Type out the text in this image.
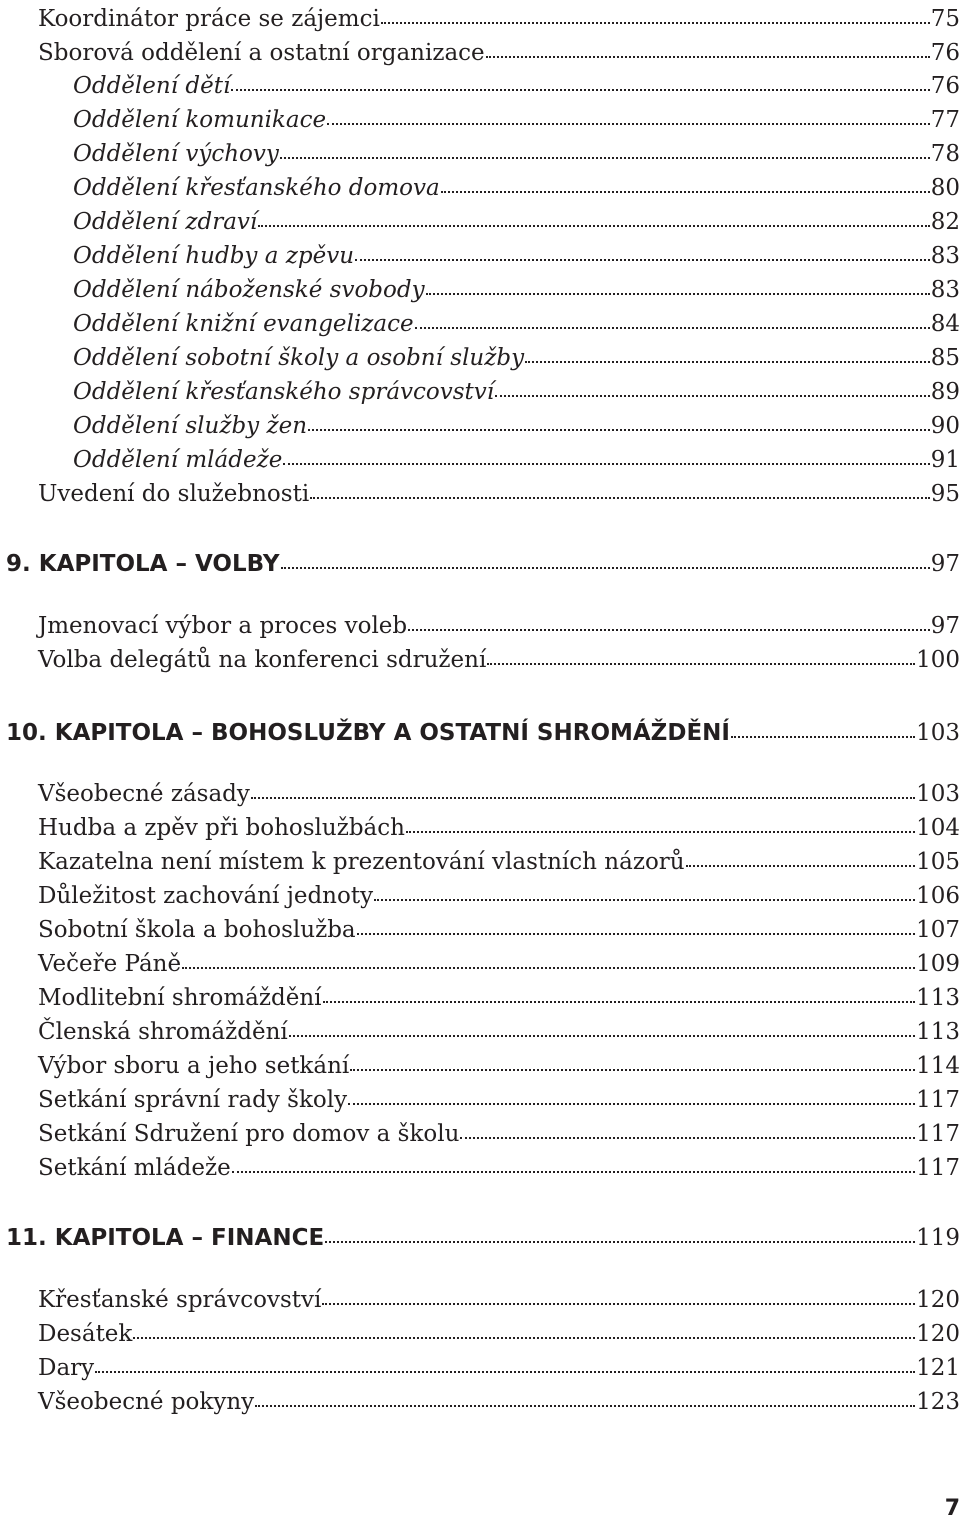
Koordinátor práce se zájemci	75
Sborová oddělení a ostatní organizace	76
Oddělení dětí	76
Oddělení komunikace	77
Oddělení výchovy	78
Oddělení křesťanského domova	80
Oddělení zdraví	82
Oddělení hudby a zpěvu	83
Oddělení náboženské svobody	83
Oddělení knižní evangelizace	84
Oddělení sobotní školy a osobní služby	85
Oddělení křesťanského správcovství	89
Oddělení služby žen	90
Oddělení mládeže	91
Uvedení do služebnosti	95
9. KAPITOLA – VOLBY	97
Jmenovací výbor a proces voleb	97
Volba delegátů na konferenci sdružení	100
10. KAPITOLA – BOHOSLUŽBY A OSTATNÍ SHROMÁŽDĚNÍ	103
Všeobecné zásady	103
Hudba a zpěv při bohoslužbách	104
Kazatelna není místem k prezentování vlastních názorů	105
Důležitost zachování jednoty	106
Sobotní škola a bohoslužba	107
Večeře Páně	109
Modlitební shromáždění	113
Členská shromáždění	113
Výbor sboru a jeho setkání	114
Setkání správní rady školy	117
Setkání Sdružení pro domov a školu	117
Setkání mládeže	117
11. KAPITOLA – FINANCE	119
Křesťanské správcovství	120
Desátek	120
Dary	121
Všeobecné pokyny	123
7
